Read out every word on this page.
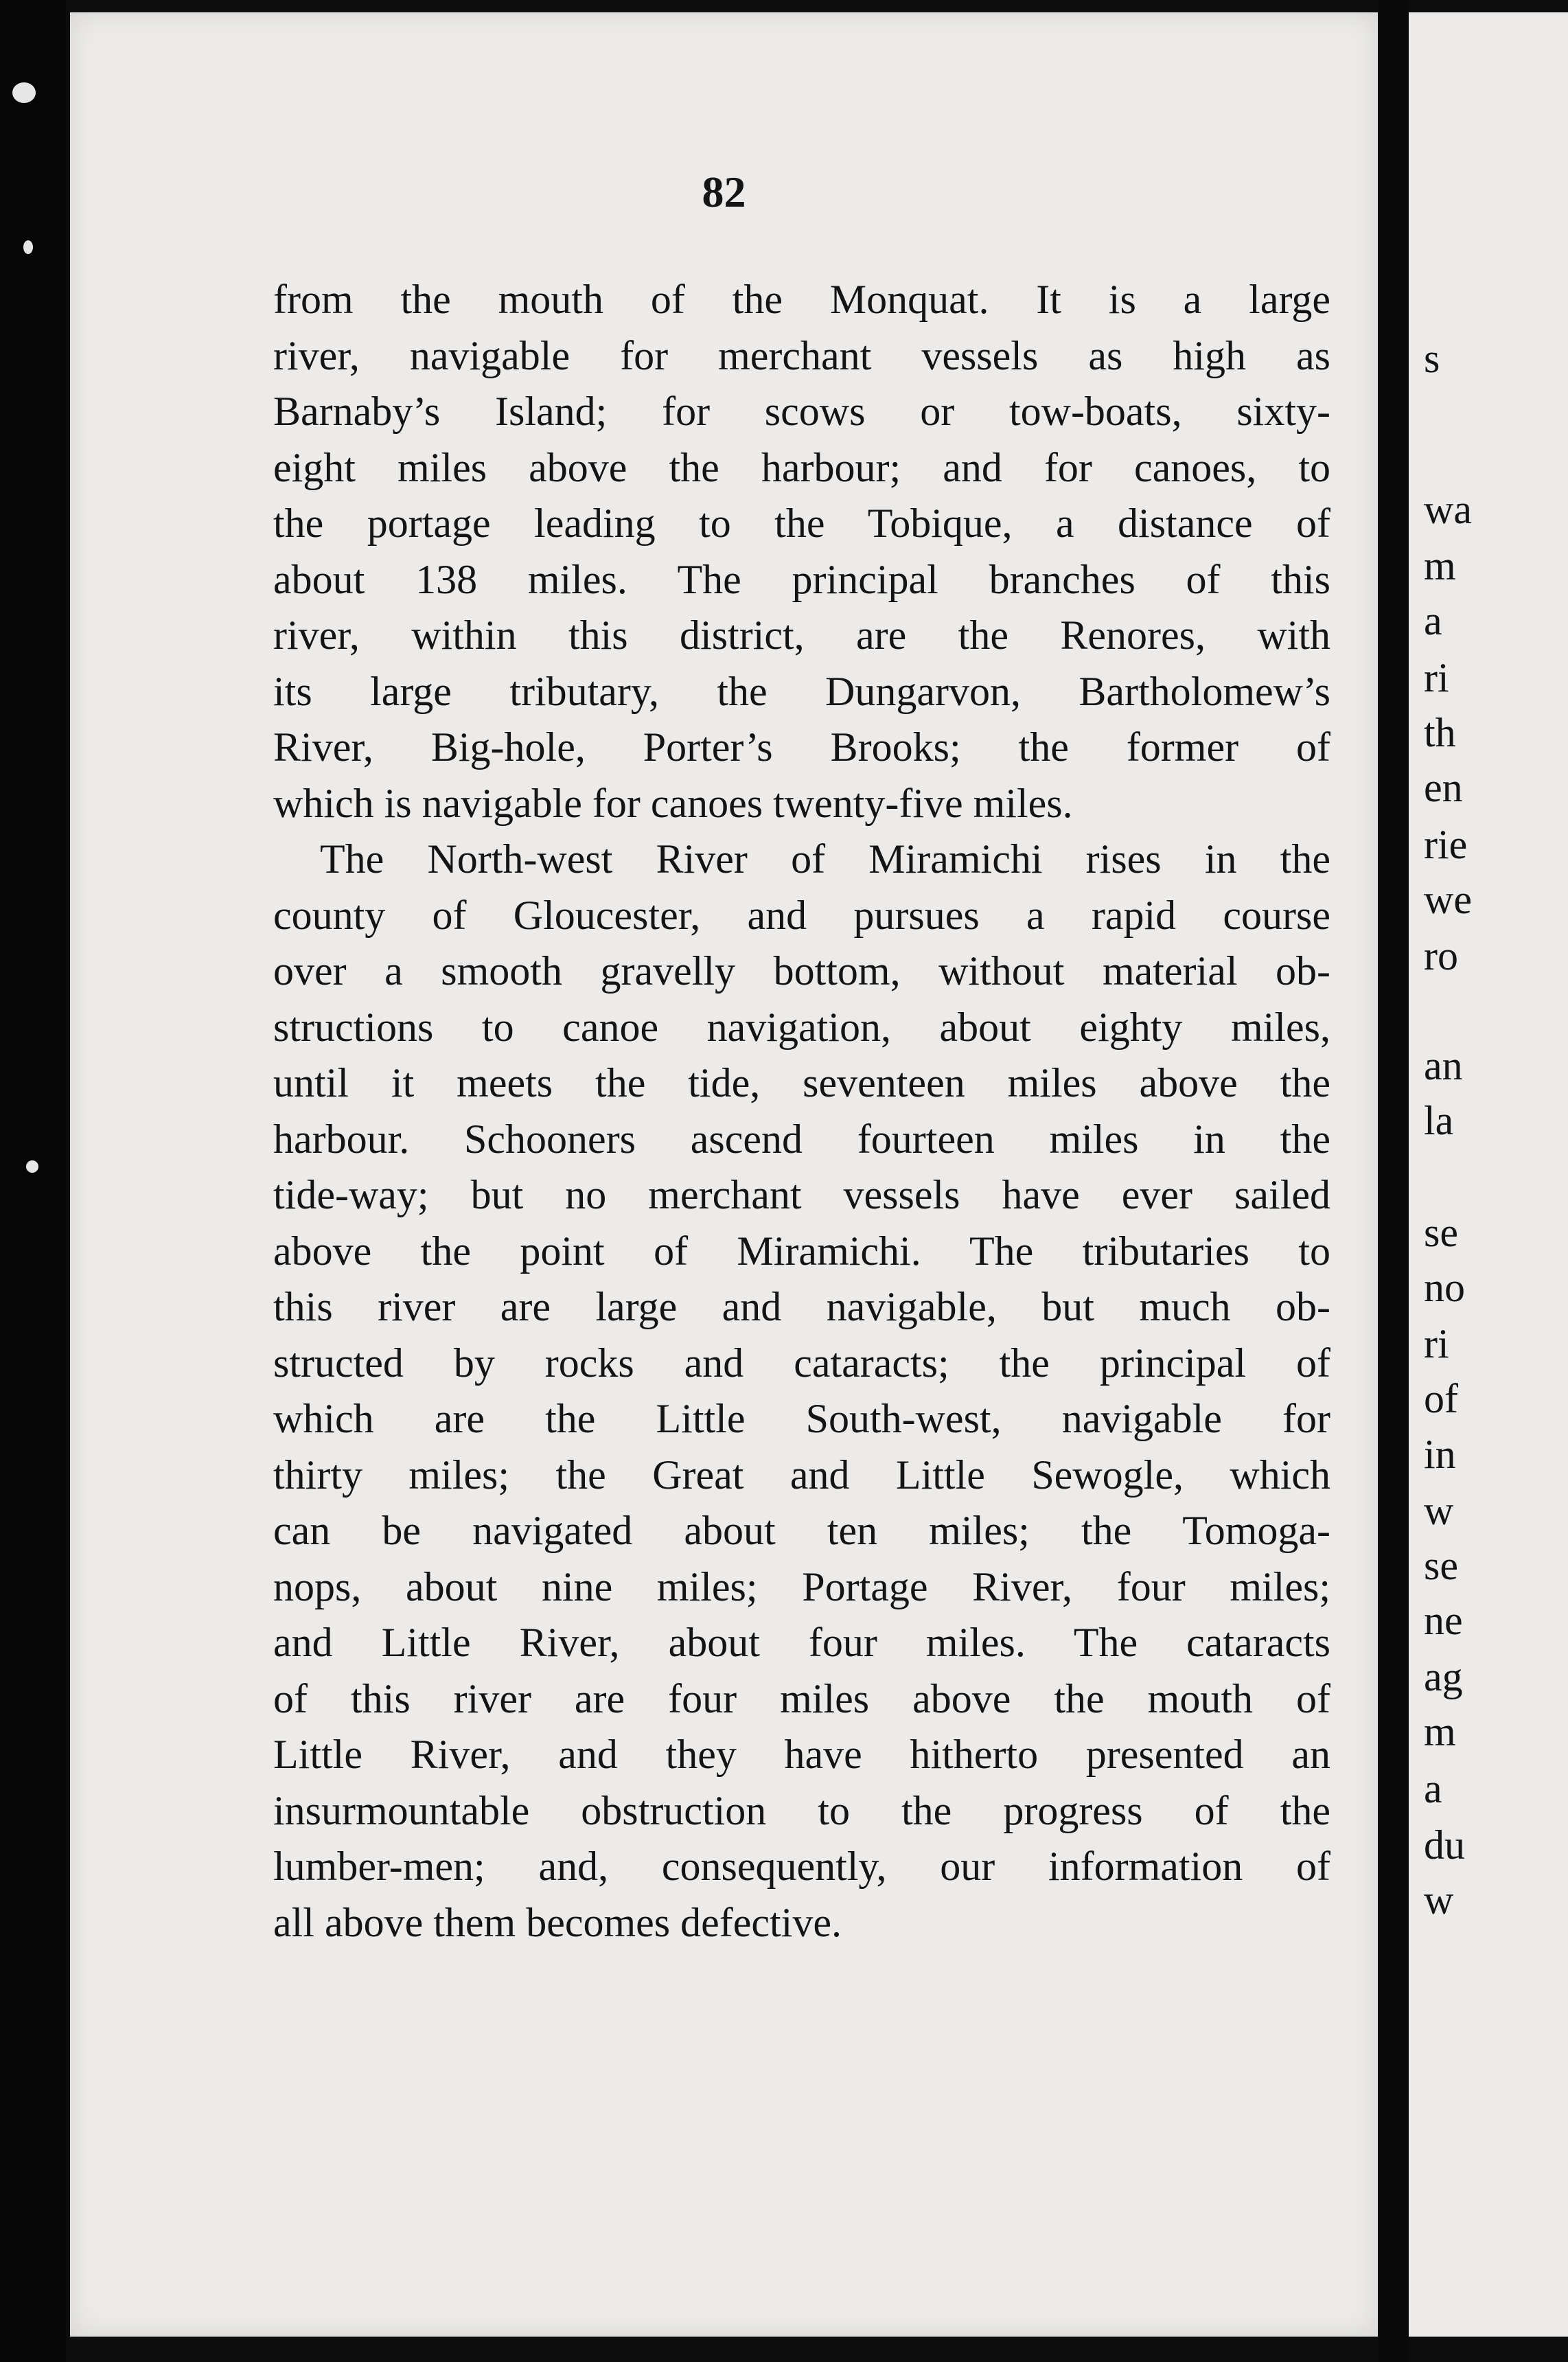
82
from the mouth of the Monquat. It is a large
river, navigable for merchant vessels as high as
Barnaby’s Island; for scows or tow-boats, sixty-
eight miles above the harbour; and for canoes, to
the portage leading to the Tobique, a distance of
about 138 miles. The principal branches of this
river, within this district, are the Renores, with
its large tributary, the Dungarvon, Bartholomew’s
River, Big-hole, Porter’s Brooks; the former of
which is navigable for canoes twenty-five miles.
The North-west River of Miramichi rises in the
county of Gloucester, and pursues a rapid course
over a smooth gravelly bottom, without material ob-
structions to canoe navigation, about eighty miles,
until it meets the tide, seventeen miles above the
harbour. Schooners ascend fourteen miles in the
tide-way; but no merchant vessels have ever sailed
above the point of Miramichi. The tributaries to
this river are large and navigable, but much ob-
structed by rocks and cataracts; the principal of
which are the Little South-west, navigable for
thirty miles; the Great and Little Sewogle, which
can be navigated about ten miles; the Tomoga-
nops, about nine miles; Portage River, four miles;
and Little River, about four miles. The cataracts
of this river are four miles above the mouth of
Little River, and they have hitherto presented an
insurmountable obstruction to the progress of the
lumber-men; and, consequently, our information of
all above them becomes defective.
s
wa
m
a
ri
th
en
rie
we
ro
an
la
se
no
ri
of
in
w
se
ne
ag
m
a
du
w
